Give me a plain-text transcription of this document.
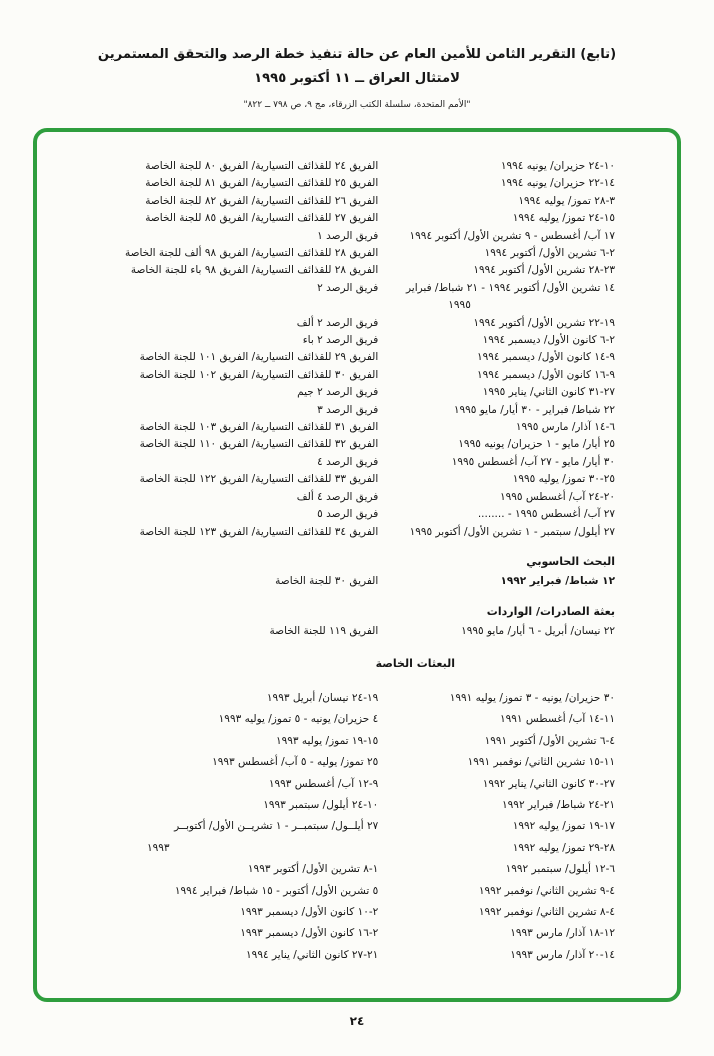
(تابع) التقرير الثامن للأمين العام عن حالة تنفيذ خطة الرصد والتحقق المستمرين
لامتثال العراق ــ ١١ أكتوبر ١٩٩٥
"الأمم المتحدة، سلسلة الكتب الزرقاء، مج ٩، ص ٧٩٨ ــ ٨٢٢"
١٠-٢٤ حزيران/ يونيه ١٩٩٤
الفريق ٢٤ للقذائف التسيارية/ الفريق ٨٠ للجنة الخاصة
١٤-٢٢ حزيران/ يونيه ١٩٩٤
الفريق ٢٥ للقذائف التسيارية/ الفريق ٨١ للجنة الخاصة
٣-٢٨ تموز/ يوليه ١٩٩٤
الفريق ٢٦ للقذائف التسيارية/ الفريق ٨٢ للجنة الخاصة
١٥-٢٤ تموز/ يوليه ١٩٩٤
الفريق ٢٧ للقذائف التسيارية/ الفريق ٨٥ للجنة الخاصة
١٧ آب/ أغسطس - ٩ تشرين الأول/ أكتوبر ١٩٩٤
فريق الرصد ١
٢-٦ تشرين الأول/ أكتوبر ١٩٩٤
الفريق ٢٨ للقذائف التسيارية/ الفريق ٩٨ ألف للجنة الخاصة
٢٣-٢٨ تشرين الأول/ أكتوبر ١٩٩٤
الفريق ٢٨ للقذائف التسيارية/ الفريق ٩٨ باء للجنة الخاصة
١٤ تشرين الأول/ أكتوبر ١٩٩٤ - ٢١ شباط/ فبراير
١٩٩٥
فريق الرصد ٢
١٩-٢٢ تشرين الأول/ أكتوبر ١٩٩٤
فريق الرصد ٢ ألف
٢-٦ كانون الأول/ ديسمبر ١٩٩٤
فريق الرصد ٢ باء
٩-١٤ كانون الأول/ ديسمبر ١٩٩٤
الفريق ٢٩ للقذائف التسيارية/ الفريق ١٠١ للجنة الخاصة
٩-١٦ كانون الأول/ ديسمبر ١٩٩٤
الفريق ٣٠ للقذائف التسيارية/ الفريق ١٠٢ للجنة الخاصة
٢٧-٣١ كانون الثاني/ يناير ١٩٩٥
فريق الرصد ٢ جيم
٢٢ شباط/ فبراير - ٣٠ أيار/ مايو ١٩٩٥
فريق الرصد ٣
٦-١٤ آذار/ مارس ١٩٩٥
الفريق ٣١ للقذائف التسيارية/ الفريق ١٠٣ للجنة الخاصة
٢٥ أيار/ مايو - ١ حزيران/ يونيه ١٩٩٥
الفريق ٣٢ للقذائف التسيارية/ الفريق ١١٠ للجنة الخاصة
٣٠ أيار/ مايو - ٢٧ آب/ أغسطس ١٩٩٥
فريق الرصد ٤
٢٥-٣٠ تموز/ يوليه ١٩٩٥
الفريق ٣٣ للقذائف التسيارية/ الفريق ١٢٢ للجنة الخاصة
٢٠-٢٤ آب/ أغسطس ١٩٩٥
فريق الرصد ٤ ألف
٢٧ آب/ أغسطس ١٩٩٥ - ........
فريق الرصد ٥
٢٧ أيلول/ سبتمبر - ١ تشرين الأول/ أكتوبر ١٩٩٥
الفريق ٣٤ للقذائف التسيارية/ الفريق ١٢٣ للجنة الخاصة
البحث الحاسوبي
١٢ شباط/ فبراير ١٩٩٢
الفريق ٣٠ للجنة الخاصة
بعثة الصادرات/ الواردات
٢٢ نيسان/ أبريل - ٦ أيار/ مايو ١٩٩٥
الفريق ١١٩ للجنة الخاصة
البعثات الخاصة
٣٠ حزيران/ يونيه - ٣ تموز/ يوليه ١٩٩١
١١-١٤ آب/ أغسطس ١٩٩١
٤-٦ تشرين الأول/ أكتوبر ١٩٩١
١١-١٥ تشرين الثاني/ نوفمبر ١٩٩١
٢٧-٣٠ كانون الثاني/ يناير ١٩٩٢
٢١-٢٤ شباط/ فبراير ١٩٩٢
١٧-١٩ تموز/ يوليه ١٩٩٢
٢٨-٢٩ تموز/ يوليه ١٩٩٢
٦-١٢ أيلول/ سبتمبر ١٩٩٢
٤-٩ تشرين الثاني/ نوفمبر ١٩٩٢
٤-٨ تشرين الثاني/ نوفمبر ١٩٩٢
١٢-١٨ آذار/ مارس ١٩٩٣
١٤-٢٠ آذار/ مارس ١٩٩٣
١٩-٢٤ نيسان/ أبريل ١٩٩٣
٤ حزيران/ يونيه - ٥ تموز/ يوليه ١٩٩٣
١٥-١٩ تموز/ يوليه ١٩٩٣
٢٥ تموز/ يوليه - ٥ آب/ أغسطس ١٩٩٣
٩-١٢ آب/ أغسطس ١٩٩٣
١٠-٢٤ أيلول/ سبتمبر ١٩٩٣
٢٧ أيلــول/ سبتمبــر - ١ تشريــن الأول/ أكتوبــر
١٩٩٣
١-٨ تشرين الأول/ أكتوبر ١٩٩٣
٥ تشرين الأول/ أكتوبر - ١٥ شباط/ فبراير ١٩٩٤
٢-١٠ كانون الأول/ ديسمبر ١٩٩٣
٢-١٦ كانون الأول/ ديسمبر ١٩٩٣
٢١-٢٧ كانون الثاني/ يناير ١٩٩٤
٢٤
